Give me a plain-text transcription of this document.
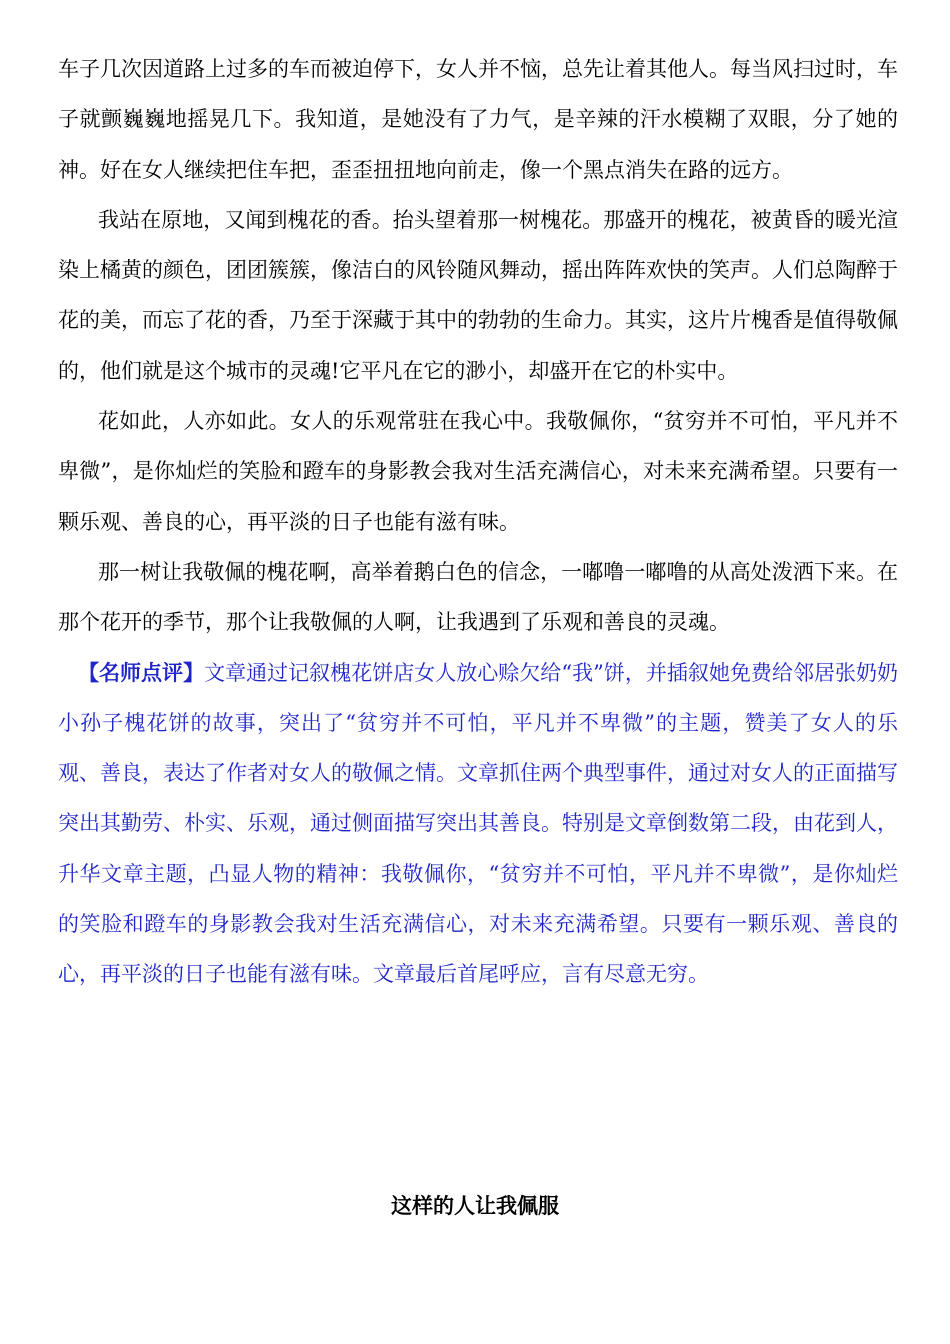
车子几次因道路上过多的车而被迫停下，女人并不恼，总先让着其他人。每当风扫过时，车子就颤巍巍地摇晃几下。我知道，是她没有了力气，是辛辣的汗水模糊了双眼，分了她的神。好在女人继续把住车把，歪歪扭扭地向前走，像一个黑点消失在路的远方。

我站在原地，又闻到槐花的香。抬头望着那一树槐花。那盛开的槐花，被黄昏的暖光渲染上橘黄的颜色，团团簇簇，像洁白的风铃随风舞动，摇出阵阵欢快的笑声。人们总陶醉于花的美，而忘了花的香，乃至于深藏于其中的勃勃的生命力。其实，这片片槐香是值得敬佩的，他们就是这个城市的灵魂!它平凡在它的渺小，却盛开在它的朴实中。

花如此，人亦如此。女人的乐观常驻在我心中。我敬佩你，“贫穷并不可怕，平凡并不卑微”，是你灿烂的笑脸和蹬车的身影教会我对生活充满信心，对未来充满希望。只要有一颗乐观、善良的心，再平淡的日子也能有滋有味。

那一树让我敬佩的槐花啊，高举着鹅白色的信念，一嘟噜一嘟噜的从高处泼洒下来。在那个花开的季节，那个让我敬佩的人啊，让我遇到了乐观和善良的灵魂。

【名师点评】文章通过记叙槐花饼店女人放心赊欠给“我”饼，并插叙她免费给邻居张奶奶小孙子槐花饼的故事，突出了“贫穷并不可怕，平凡并不卑微”的主题，赞美了女人的乐观、善良，表达了作者对女人的敬佩之情。文章抓住两个典型事件，通过对女人的正面描写突出其勤劳、朴实、乐观，通过侧面描写突出其善良。特别是文章倒数第二段，由花到人，升华文章主题，凸显人物的精神：我敬佩你，“贫穷并不可怕，平凡并不卑微”，是你灿烂的笑脸和蹬车的身影教会我对生活充满信心，对未来充满希望。只要有一颗乐观、善良的心，再平淡的日子也能有滋有味。文章最后首尾呼应，言有尽意无穷。

这样的人让我佩服
